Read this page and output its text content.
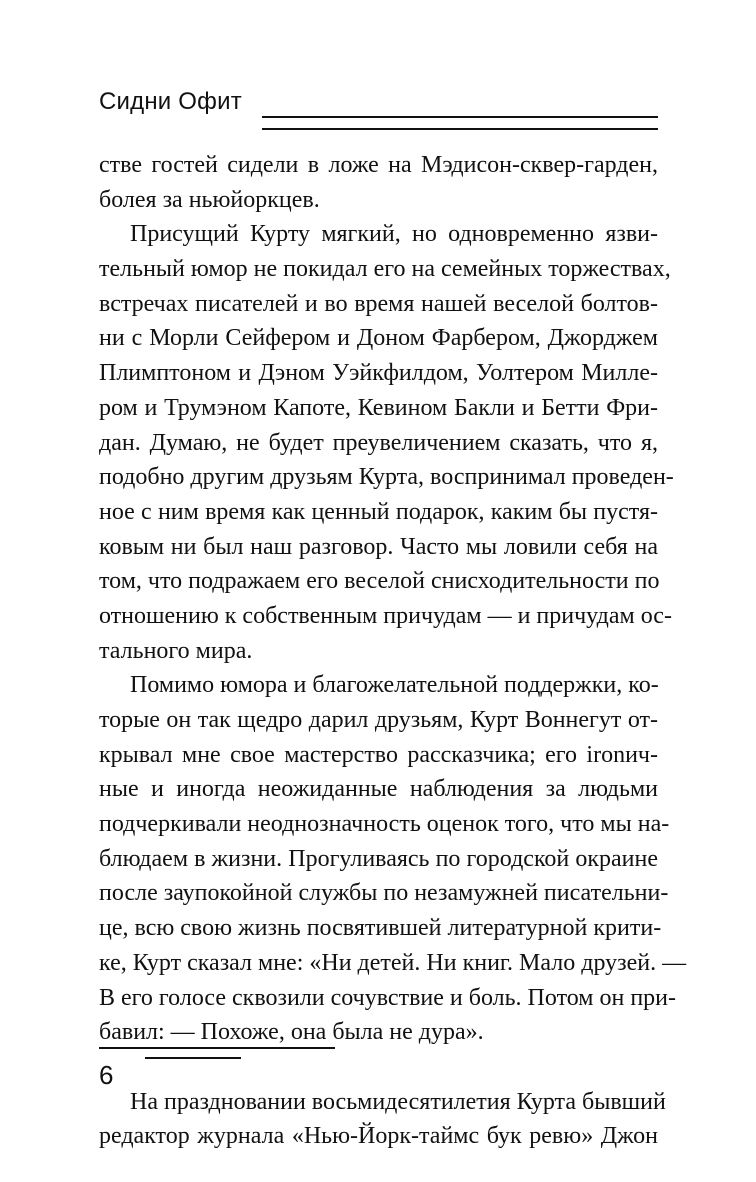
Сидни Офит
стве гостей сидели в ложе на Мэдисон-сквер-гарден,
болея за ньюйоркцев.
Присущий Курту мягкий, но одновременно язви-
тельный юмор не покидал его на семейных торжествах,
встречах писателей и во время нашей веселой болтов-
ни с Морли Сейфером и Доном Фарбером, Джорджем
Плимптоном и Дэном Уэйкфилдом, Уолтером Милле-
ром и Трумэном Капоте, Кевином Бакли и Бетти Фри-
дан. Думаю, не будет преувеличением сказать, что я,
подобно другим друзьям Курта, воспринимал проведен-
ное с ним время как ценный подарок, каким бы пустя-
ковым ни был наш разговор. Часто мы ловили себя на
том, что подражаем его веселой снисходительности по
отношению к собственным причудам — и причудам ос-
тального мира.
Помимо юмора и благожелательной поддержки, ко-
торые он так щедро дарил друзьям, Курт Воннегут от-
крывал мне свое мастерство рассказчика; его ironич-
ные и иногда неожиданные наблюдения за людьми
подчеркивали неоднозначность оценок того, что мы на-
блюдаем в жизни. Прогуливаясь по городской окраине
после заупокойной службы по незамужней писательни-
це, всю свою жизнь посвятившей литературной крити-
ке, Курт сказал мне: «Ни детей. Ни книг. Мало друзей. —
В его голосе сквозили сочувствие и боль. Потом он при-
бавил: — Похоже, она была не дура».
На праздновании восьмидесятилетия Курта бывший
редактор журнала «Нью-Йорк-таймс бук ревю» Джон
6
